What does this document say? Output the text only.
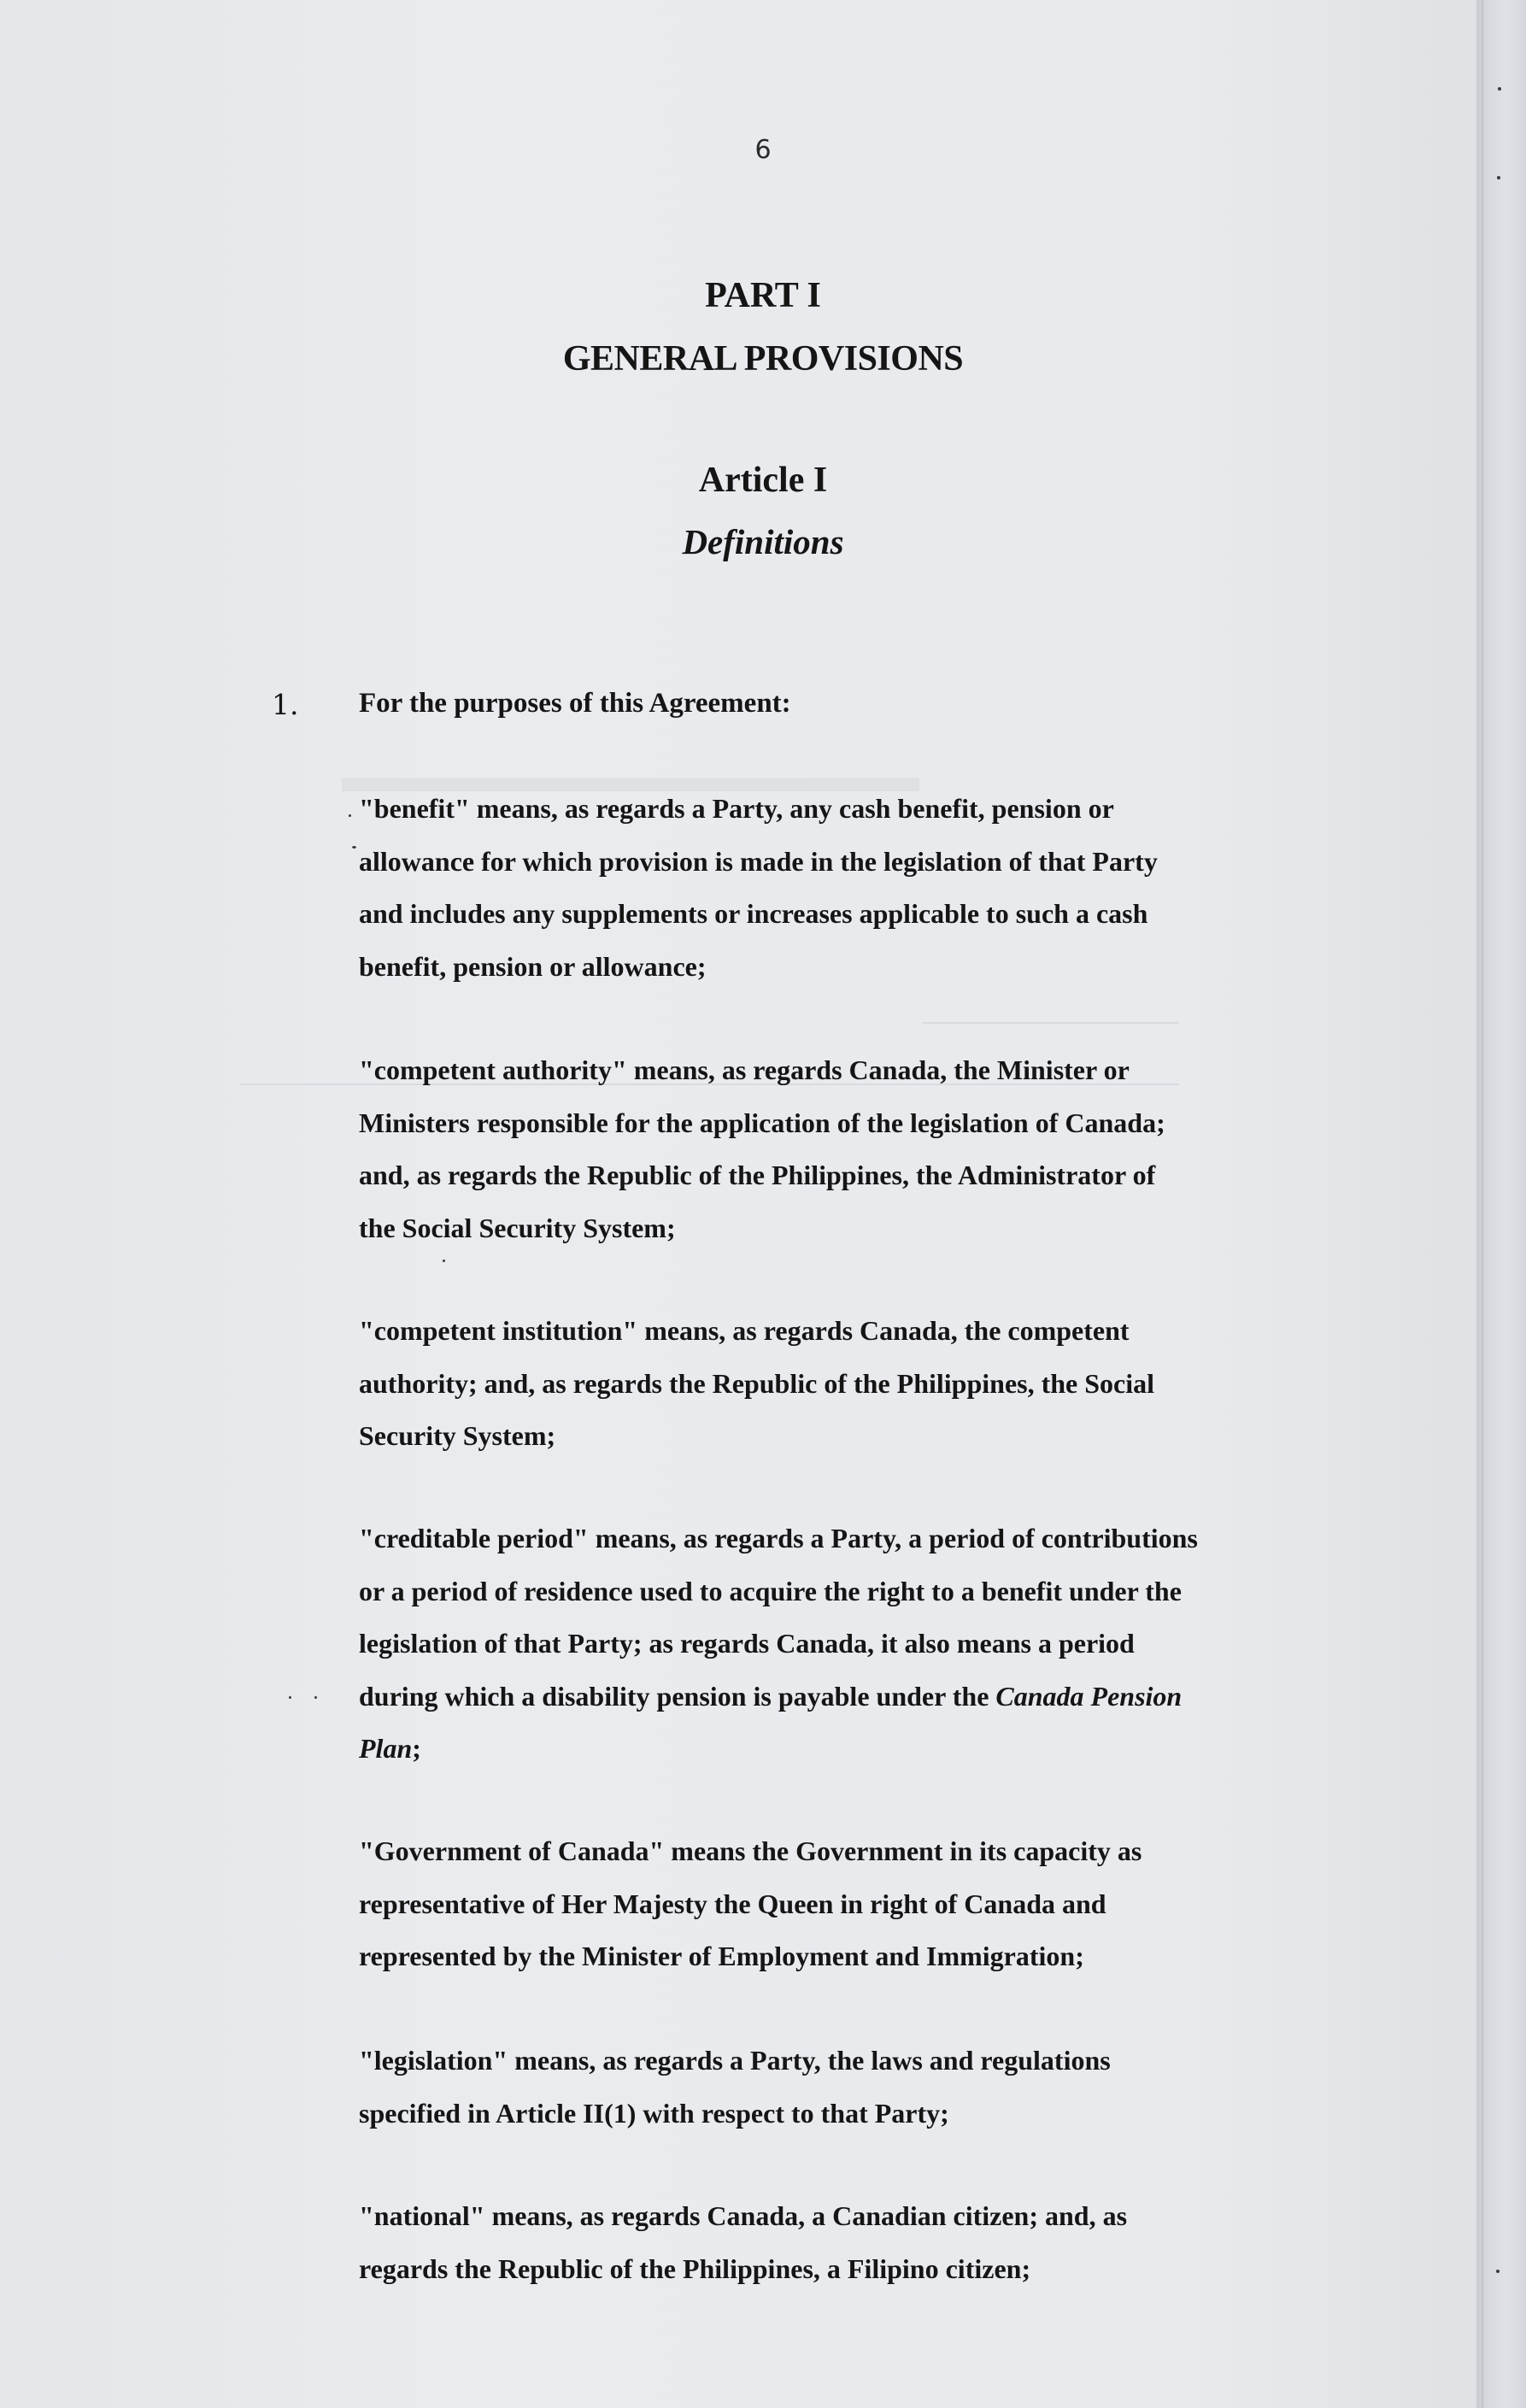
▬▬▬▬▬▬▬▬▬▬▬▬▬
6
PART I
GENERAL PROVISIONS
Article I
Definitions
1. For the purposes of this Agreement:
"benefit" means, as regards a Party, any cash benefit, pension or
allowance for which provision is made in the legislation of that Party
and includes any supplements or increases applicable to such a cash
benefit, pension or allowance;
"competent authority" means, as regards Canada, the Minister or
Ministers responsible for the application of the legislation of Canada;
and, as regards the Republic of the Philippines, the Administrator of
the Social Security System;
"competent institution" means, as regards Canada, the competent
authority; and, as regards the Republic of the Philippines, the Social
Security System;
"creditable period" means, as regards a Party, a period of contributions
or a period of residence used to acquire the right to a benefit under the
legislation of that Party; as regards Canada, it also means a period
during which a disability pension is payable under the Canada Pension
Plan;
"Government of Canada" means the Government in its capacity as
representative of Her Majesty the Queen in right of Canada and
represented by the Minister of Employment and Immigration;
"legislation" means, as regards a Party, the laws and regulations
specified in Article II(1) with respect to that Party;
"national" means, as regards Canada, a Canadian citizen; and, as
regards the Republic of the Philippines, a Filipino citizen;
